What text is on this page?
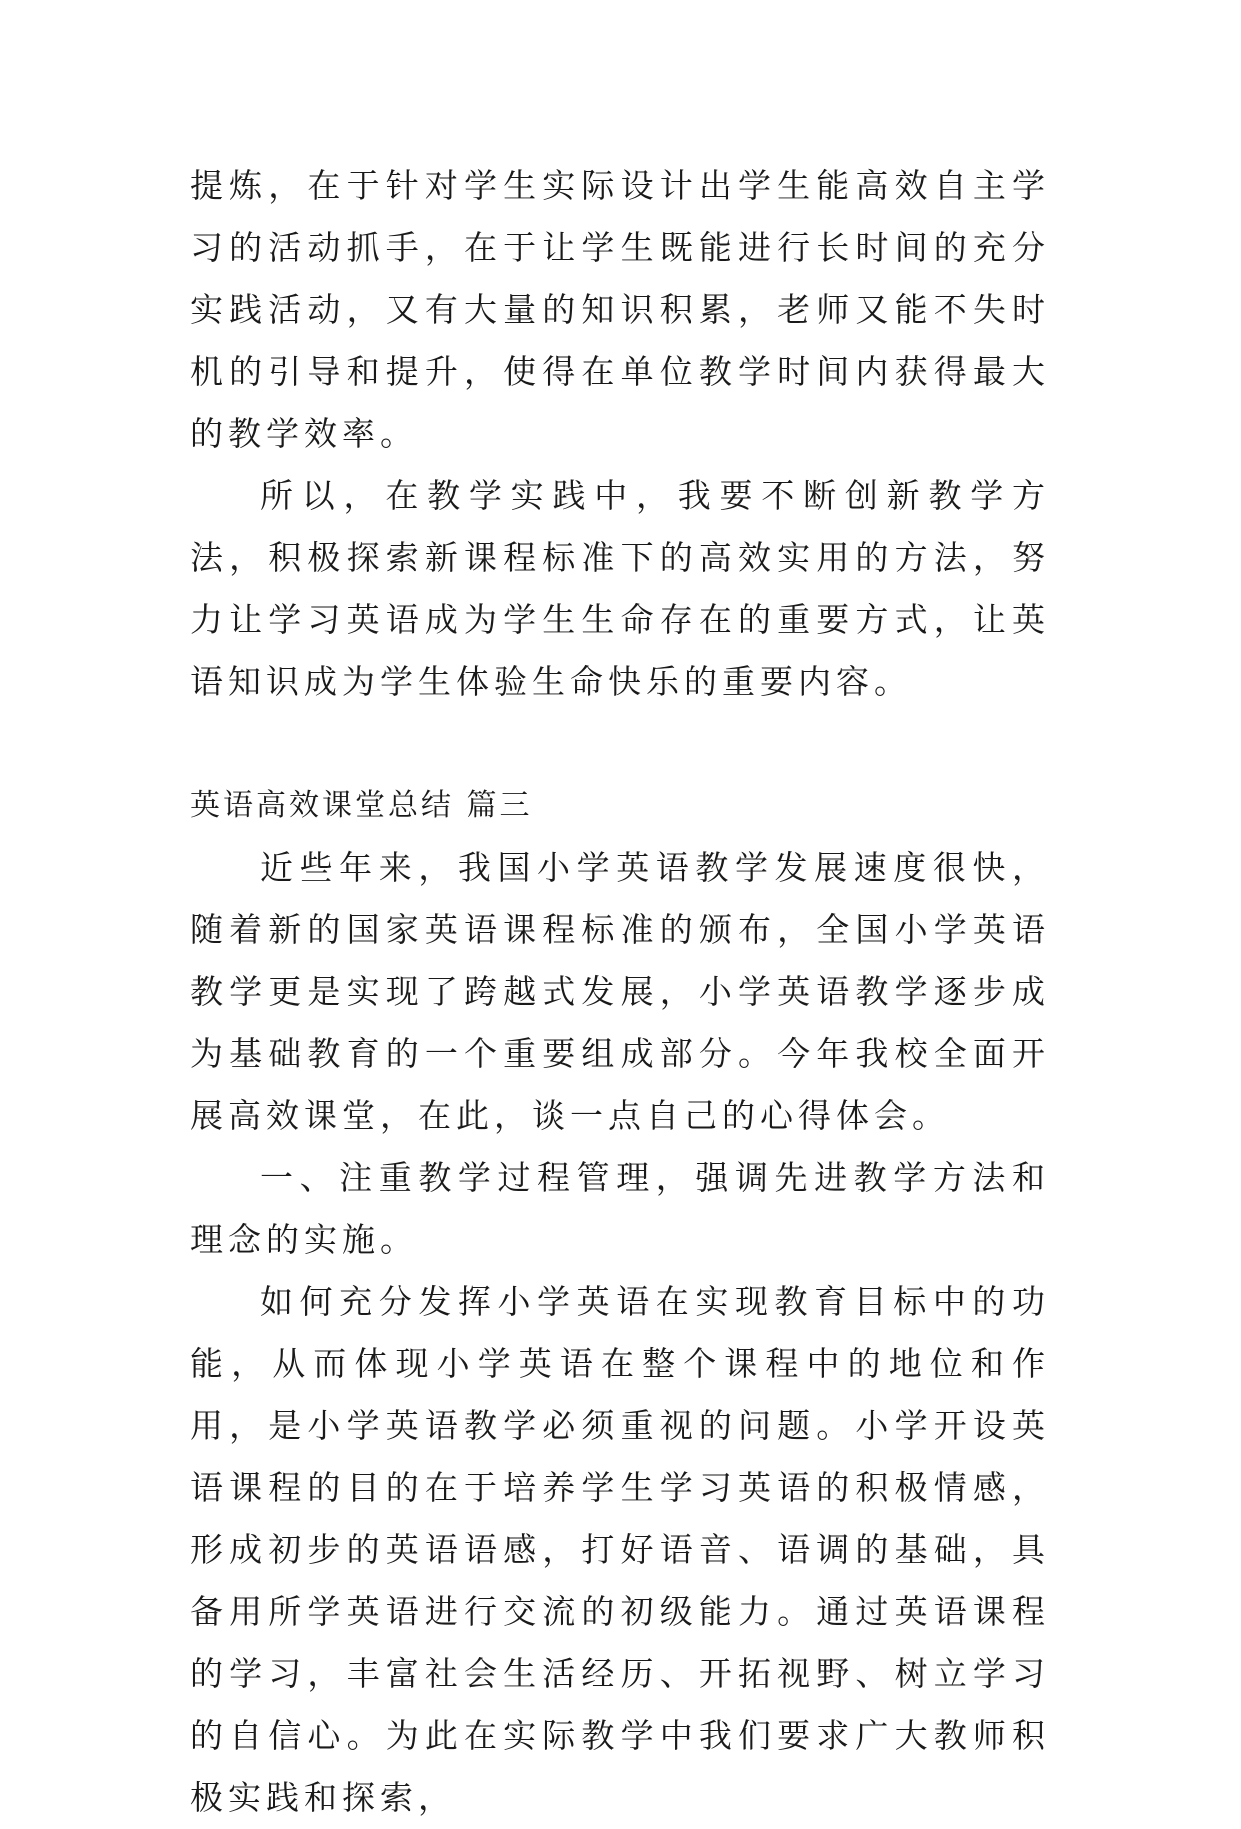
提炼，在于针对学生实际设计出学生能高效自主学习的活动抓手，在于让学生既能进行长时间的充分实践活动，又有大量的知识积累，老师又能不失时机的引导和提升，使得在单位教学时间内获得最大的教学效率。

所以，在教学实践中，我要不断创新教学方法，积极探索新课程标准下的高效实用的方法，努力让学习英语成为学生生命存在的重要方式，让英语知识成为学生体验生命快乐的重要内容。

英语高效课堂总结 篇三

近些年来，我国小学英语教学发展速度很快，随着新的国家英语课程标准的颁布，全国小学英语教学更是实现了跨越式发展，小学英语教学逐步成为基础教育的一个重要组成部分。今年我校全面开展高效课堂，在此，谈一点自己的心得体会。

一、注重教学过程管理，强调先进教学方法和理念的实施。

如何充分发挥小学英语在实现教育目标中的功能，从而体现小学英语在整个课程中的地位和作用，是小学英语教学必须重视的问题。小学开设英语课程的目的在于培养学生学习英语的积极情感，形成初步的英语语感，打好语音、语调的基础，具备用所学英语进行交流的初级能力。通过英语课程的学习，丰富社会生活经历、开拓视野、树立学习的自信心。为此在实际教学中我们要求广大教师积极实践和探索，
